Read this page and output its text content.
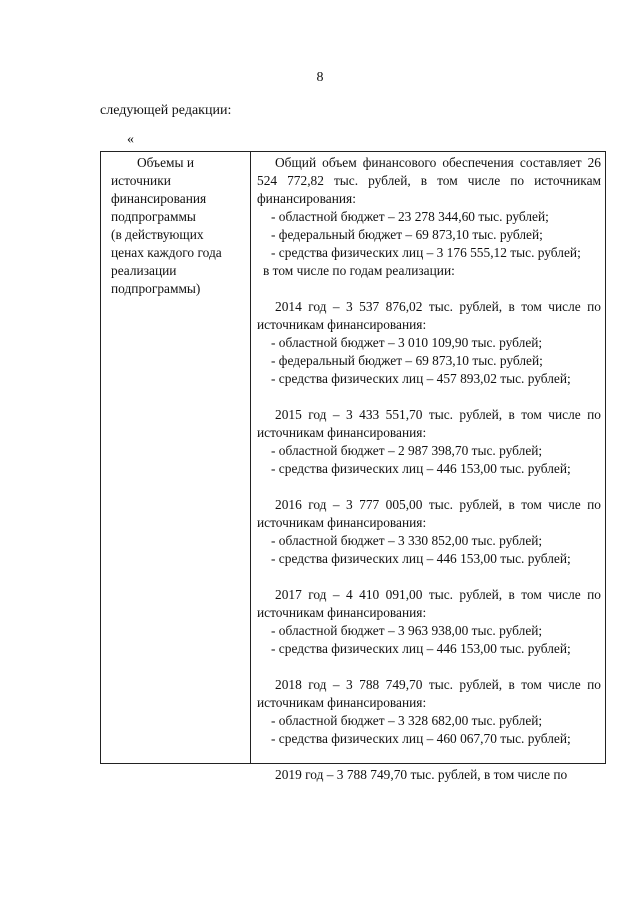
8
следующей редакции:
«
Объемы и
источники
финансирования
подпрограммы
(в действующих
ценах каждого года
реализации
подпрограммы)
Общий объем финансового обеспечения составляет 26 524 772,82 тыс. рублей, в том числе по источникам финансирования:
- областной бюджет – 23 278 344,60 тыс. рублей;
- федеральный бюджет – 69 873,10 тыс. рублей;
- средства физических лиц – 3 176 555,12 тыс. рублей;
в том числе по годам реализации:
2014 год – 3 537 876,02 тыс. рублей, в том числе по источникам финансирования:
- областной бюджет – 3 010 109,90 тыс. рублей;
- федеральный бюджет – 69 873,10 тыс. рублей;
- средства физических лиц – 457 893,02 тыс. рублей;
2015 год – 3 433 551,70 тыс. рублей, в том числе по источникам финансирования:
- областной бюджет – 2 987 398,70 тыс. рублей;
- средства физических лиц – 446 153,00 тыс. рублей;
2016 год – 3 777 005,00 тыс. рублей, в том числе по источникам финансирования:
- областной бюджет – 3 330 852,00 тыс. рублей;
- средства физических лиц – 446 153,00 тыс. рублей;
2017 год – 4 410 091,00 тыс. рублей, в том числе по источникам финансирования:
- областной бюджет – 3 963 938,00 тыс. рублей;
- средства физических лиц – 446 153,00 тыс. рублей;
2018 год – 3 788 749,70 тыс. рублей, в том числе по источникам финансирования:
- областной бюджет – 3 328 682,00 тыс. рублей;
- средства физических лиц – 460 067,70 тыс. рублей;
2019 год – 3 788 749,70 тыс. рублей, в том числе по
